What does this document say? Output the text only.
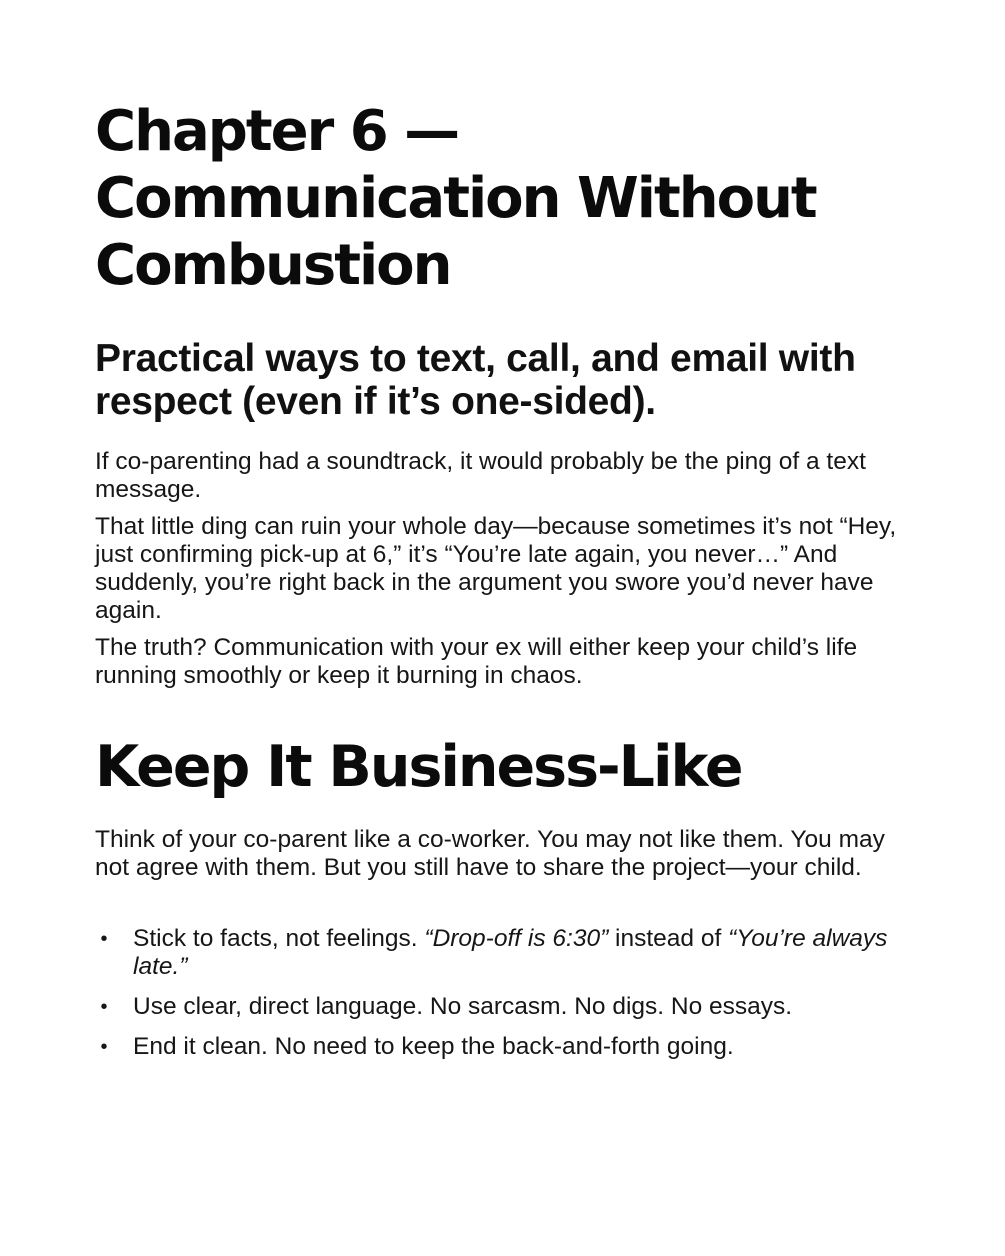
Chapter 6 —
Communication Without
Combustion
Practical ways to text, call, and email with respect (even if it’s one-sided).

If co-parenting had a soundtrack, it would probably be the ping of a text message.

That little ding can ruin your whole day—because sometimes it’s not “Hey, just confirming pick-up at 6,” it’s “You’re late again, you never…” And suddenly, you’re right back in the argument you swore you’d never have again.

The truth? Communication with your ex will either keep your child’s life running smoothly or keep it burning in chaos.

Keep It Business-Like

Think of your co-parent like a co-worker. You may not like them. You may not agree with them. But you still have to share the project—your child.

• Stick to facts, not feelings. “Drop-off is 6:30” instead of “You’re always late.”
• Use clear, direct language. No sarcasm. No digs. No essays.
• End it clean. No need to keep the back-and-forth going.
